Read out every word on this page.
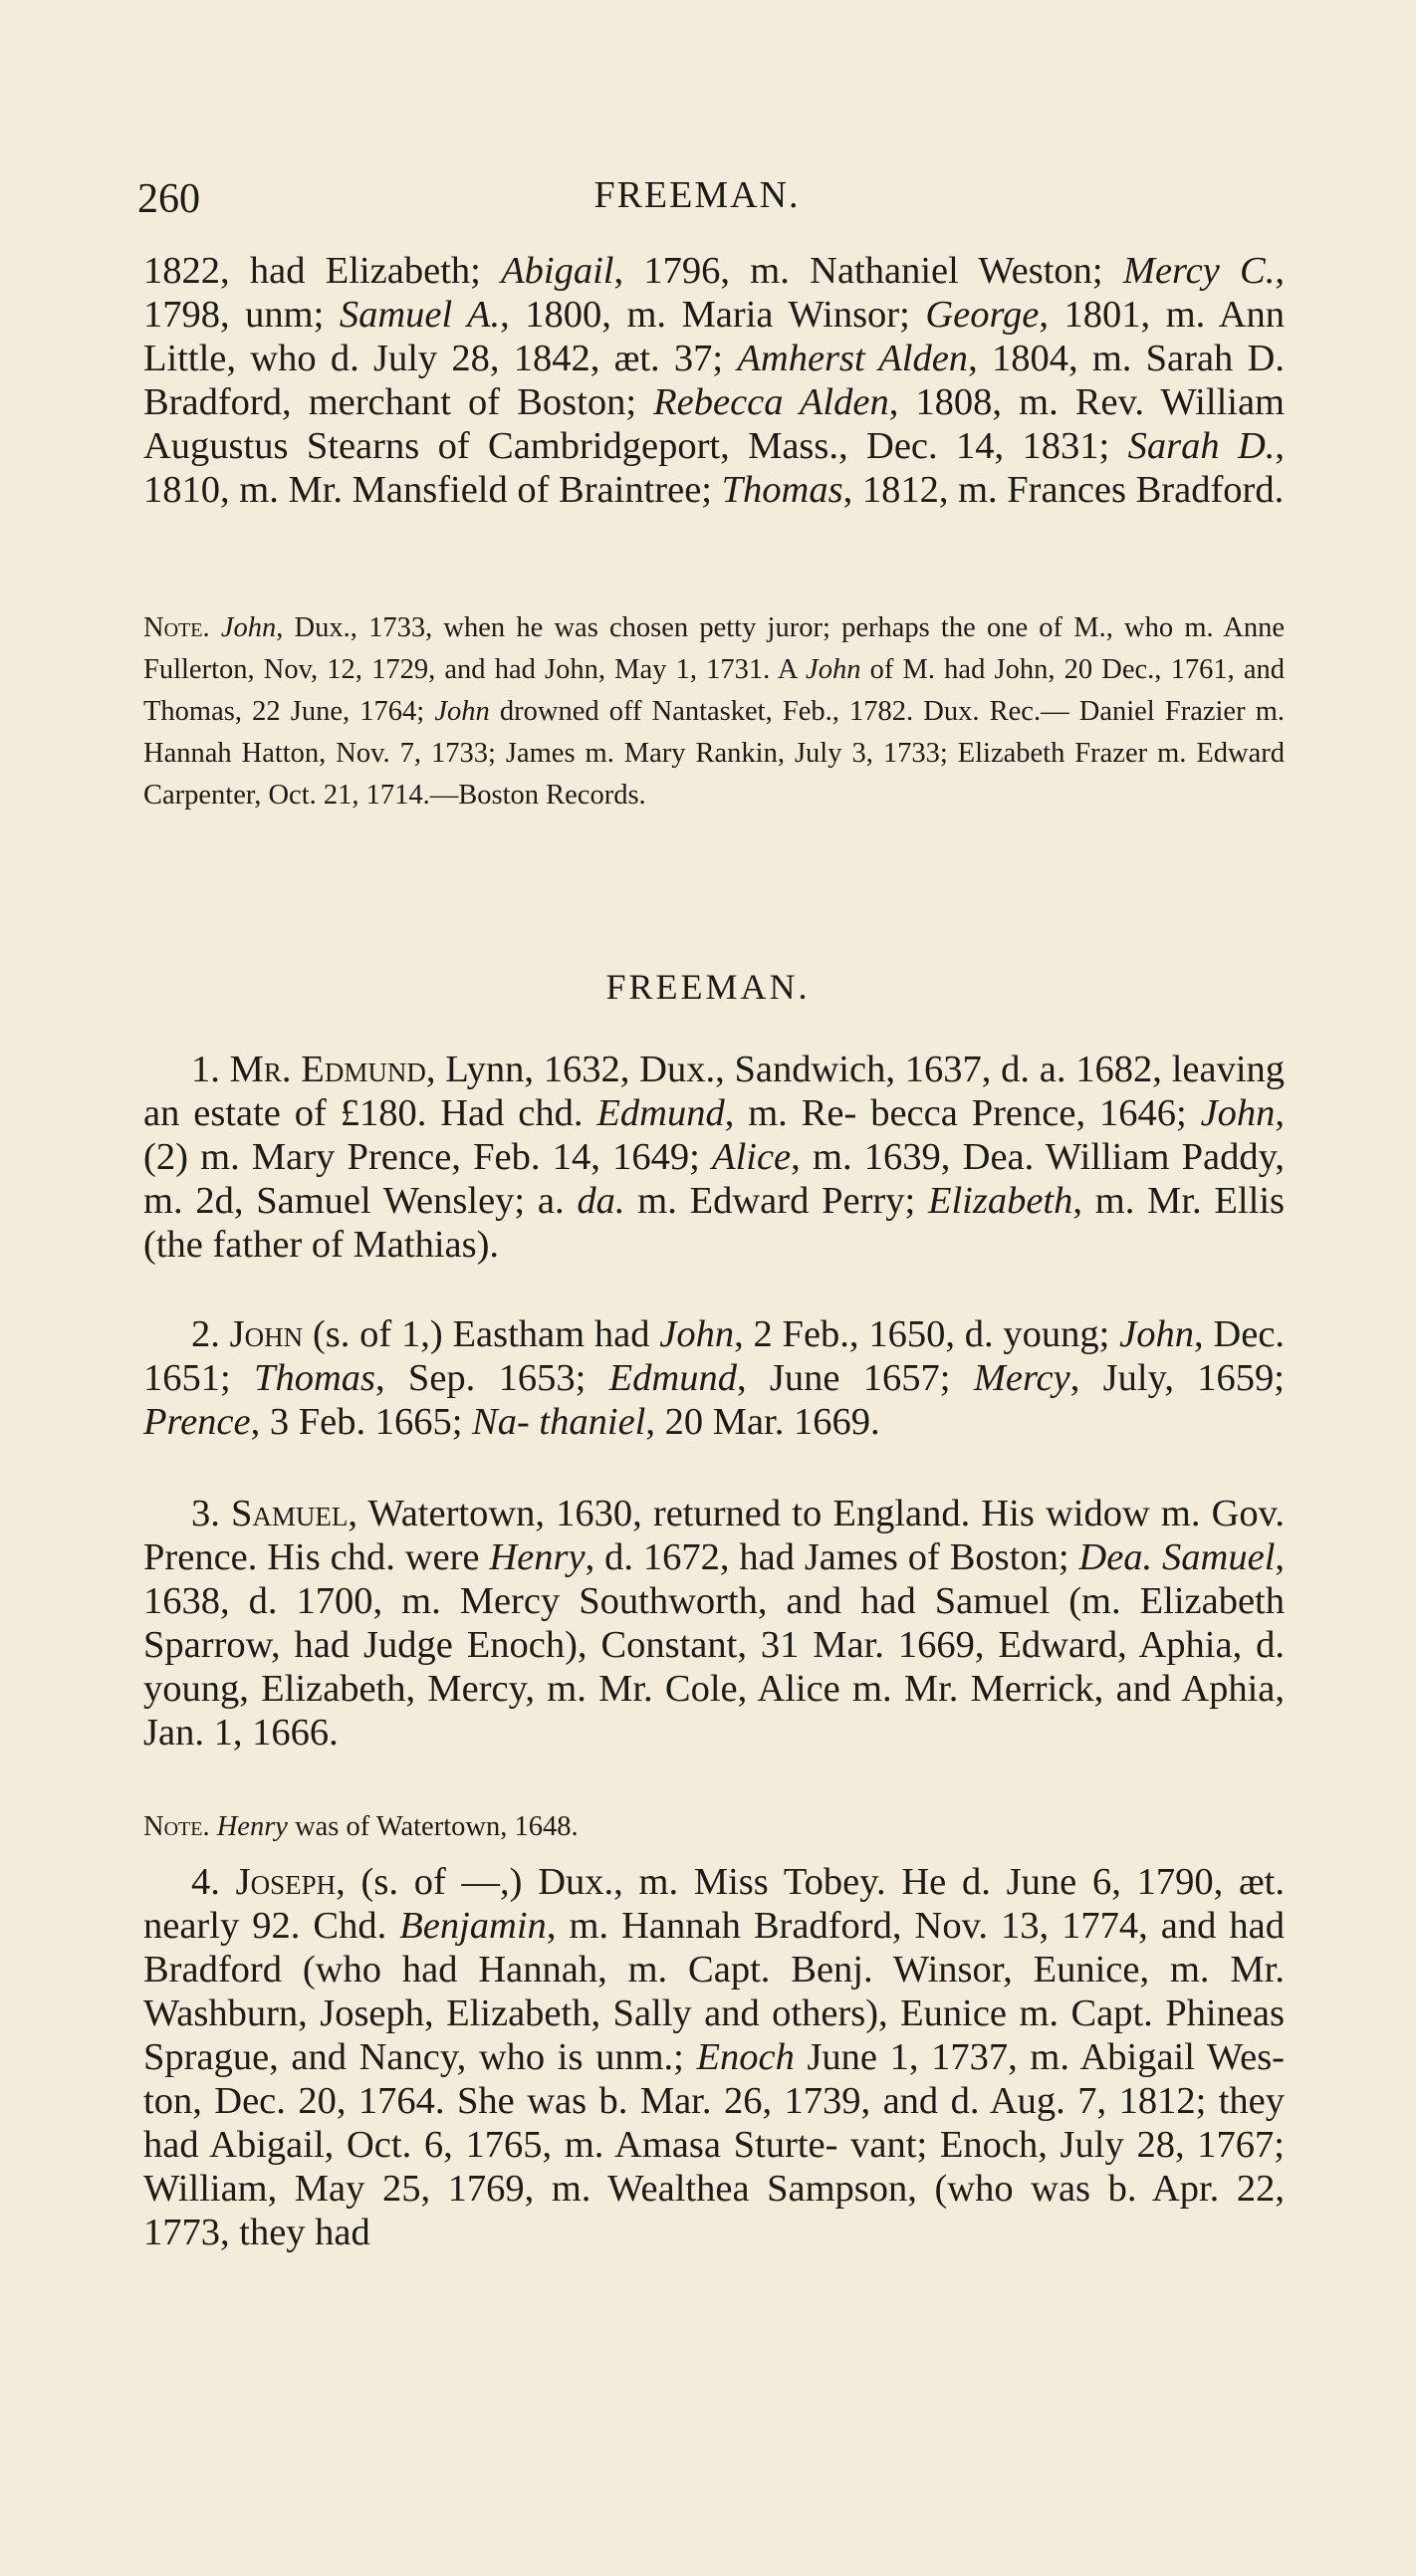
260	FREEMAN.
1822, had Elizabeth; Abigail, 1796, m. Nathaniel Weston; Mercy C., 1798, unm; Samuel A., 1800, m. Maria Winsor; George, 1801, m. Ann Little, who d. July 28, 1842, æt. 37; Amherst Alden, 1804, m. Sarah D. Bradford, merchant of Boston; Rebecca Alden, 1808, m. Rev. William Augustus Stearns of Cambridgeport, Mass., Dec. 14, 1831; Sarah D., 1810, m. Mr. Mansfield of Braintree; Thomas, 1812, m. Frances Bradford.
Note. John, Dux., 1733, when he was chosen petty juror; perhaps the one of M., who m. Anne Fullerton, Nov, 12, 1729, and had John, May 1, 1731. A John of M. had John, 20 Dec., 1761, and Thomas, 22 June, 1764; John drowned off Nantasket, Feb., 1782. Dux. Rec.— Daniel Frazier m. Hannah Hatton, Nov. 7, 1733; James m. Mary Rankin, July 3, 1733; Elizabeth Frazer m. Edward Carpenter, Oct. 21, 1714.—Boston Records.
FREEMAN.
1. Mr. Edmund, Lynn, 1632, Dux., Sandwich, 1637, d. a. 1682, leaving an estate of £180. Had chd. Edmund, m. Re- becca Prence, 1646; John, (2) m. Mary Prence, Feb. 14, 1649; Alice, m. 1639, Dea. William Paddy, m. 2d, Samuel Wensley; a. da. m. Edward Perry; Elizabeth, m. Mr. Ellis (the father of Mathias).
2. John (s. of 1,) Eastham had John, 2 Feb., 1650, d. young; John, Dec. 1651; Thomas, Sep. 1653; Edmund, June 1657; Mercy, July, 1659; Prence, 3 Feb. 1665; Na- thaniel, 20 Mar. 1669.
3. Samuel, Watertown, 1630, returned to England. His widow m. Gov. Prence. His chd. were Henry, d. 1672, had James of Boston; Dea. Samuel, 1638, d. 1700, m. Mercy Southworth, and had Samuel (m. Elizabeth Sparrow, had Judge Enoch), Constant, 31 Mar. 1669, Edward, Aphia, d. young, Elizabeth, Mercy, m. Mr. Cole, Alice m. Mr. Merrick, and Aphia, Jan. 1, 1666.
Note. Henry was of Watertown, 1648.
4. Joseph, (s. of —,) Dux., m. Miss Tobey. He d. June 6, 1790, æt. nearly 92. Chd. Benjamin, m. Hannah Bradford, Nov. 13, 1774, and had Bradford (who had Hannah, m. Capt. Benj. Winsor, Eunice, m. Mr. Washburn, Joseph, Elizabeth, Sally and others), Eunice m. Capt. Phineas Sprague, and Nancy, who is unm.; Enoch June 1, 1737, m. Abigail Wes- ton, Dec. 20, 1764. She was b. Mar. 26, 1739, and d. Aug. 7, 1812; they had Abigail, Oct. 6, 1765, m. Amasa Sturte- vant; Enoch, July 28, 1767; William, May 25, 1769, m. Wealthea Sampson, (who was b. Apr. 22, 1773, they had
